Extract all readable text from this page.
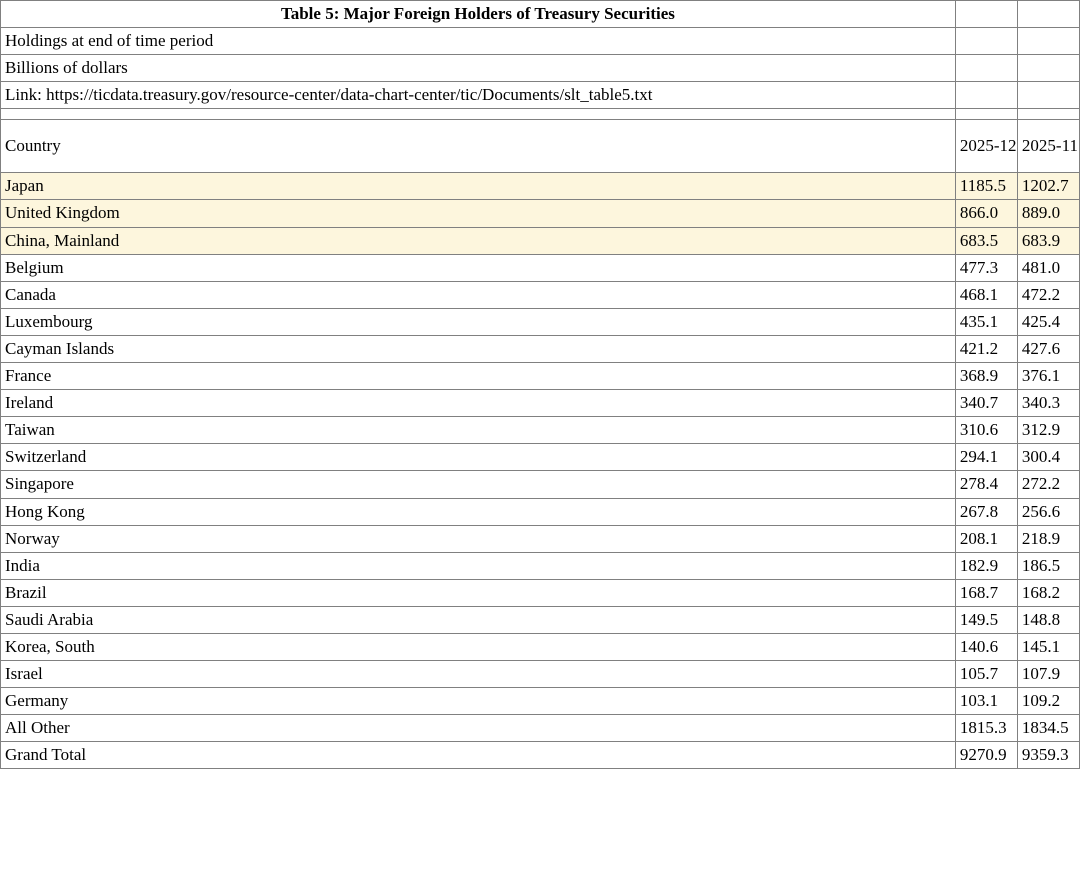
Table 5: Major Foreign Holders of Treasury Securities		
Holdings at end of time period		
Billions of dollars		
Link: https://ticdata.treasury.gov/resource-center/data-chart-center/tic/Documents/slt_table5.txt		

Country	2025-12	2025-11
Japan	1185.5	1202.7
United Kingdom	866.0	889.0
China, Mainland	683.5	683.9
Belgium	477.3	481.0
Canada	468.1	472.2
Luxembourg	435.1	425.4
Cayman Islands	421.2	427.6
France	368.9	376.1
Ireland	340.7	340.3
Taiwan	310.6	312.9
Switzerland	294.1	300.4
Singapore	278.4	272.2
Hong Kong	267.8	256.6
Norway	208.1	218.9
India	182.9	186.5
Brazil	168.7	168.2
Saudi Arabia	149.5	148.8
Korea, South	140.6	145.1
Israel	105.7	107.9
Germany	103.1	109.2
All Other	1815.3	1834.5
Grand Total	9270.9	9359.3
